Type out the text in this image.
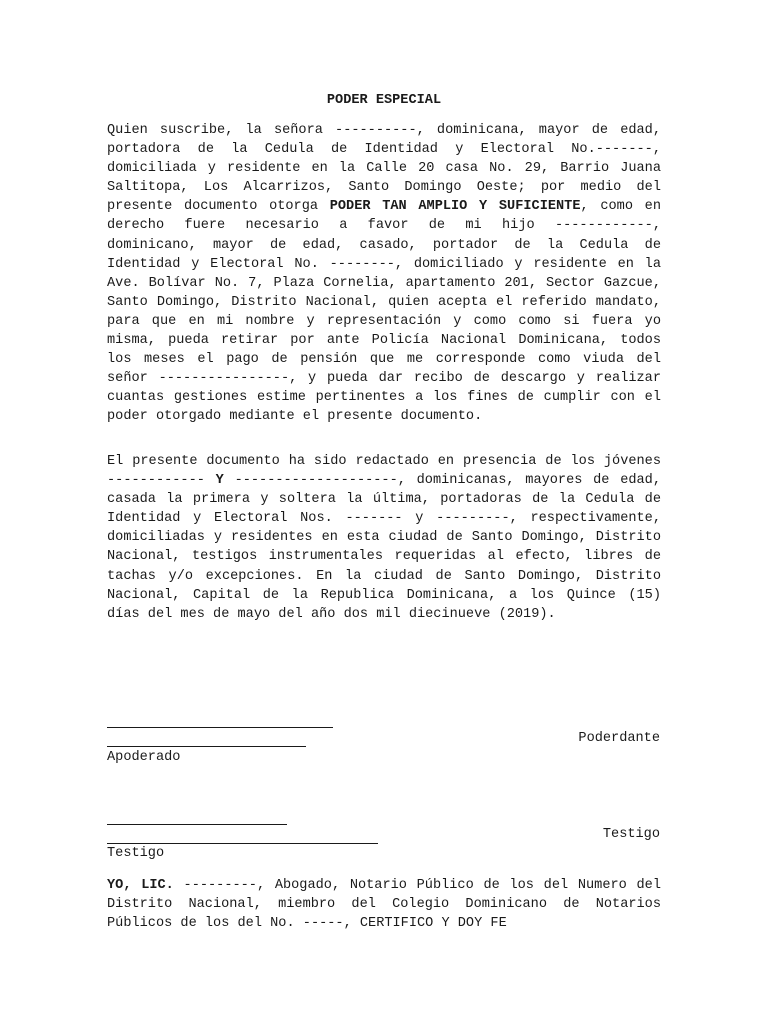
PODER ESPECIAL

Quien suscribe, la señora ----------, dominicana, mayor de edad, portadora de la Cedula de Identidad y Electoral No.-------, domiciliada y residente en la Calle 20 casa No. 29, Barrio Juana Saltitopa, Los Alcarrizos, Santo Domingo Oeste; por medio del presente documento otorga PODER TAN AMPLIO Y SUFICIENTE, como en derecho fuere necesario a favor de mi hijo ------------, dominicano, mayor de edad, casado, portador de la Cedula de Identidad y Electoral No. --------, domiciliado y residente en la Ave. Bolívar No. 7, Plaza Cornelia, apartamento 201, Sector Gazcue, Santo Domingo, Distrito Nacional, quien acepta el referido mandato, para que en mi nombre y representación y como como si fuera yo misma, pueda retirar por ante Policía Nacional Dominicana, todos los meses el pago de pensión que me corresponde como viuda del señor ----------------, y pueda dar recibo de descargo y realizar cuantas gestiones estime pertinentes a los fines de cumplir con el poder otorgado mediante el presente documento.

El presente documento ha sido redactado en presencia de los jóvenes ------------ Y --------------------, dominicanas, mayores de edad, casada la primera y soltera la última, portadoras de la Cedula de Identidad y Electoral Nos. ------- y ---------, respectivamente, domiciliadas y residentes en esta ciudad de Santo Domingo, Distrito Nacional, testigos instrumentales requeridas al efecto, libres de tachas y/o excepciones. En la ciudad de Santo Domingo, Distrito Nacional, Capital de la Republica Dominicana, a los Quince (15) días del mes de mayo del año dos mil diecinueve (2019).

Poderdante
Apoderado
Testigo
Testigo

YO, LIC. ---------, Abogado, Notario Público de los del Numero del Distrito Nacional, miembro del Colegio Dominicano de Notarios Públicos de los del No. -----, CERTIFICO Y DOY FE
